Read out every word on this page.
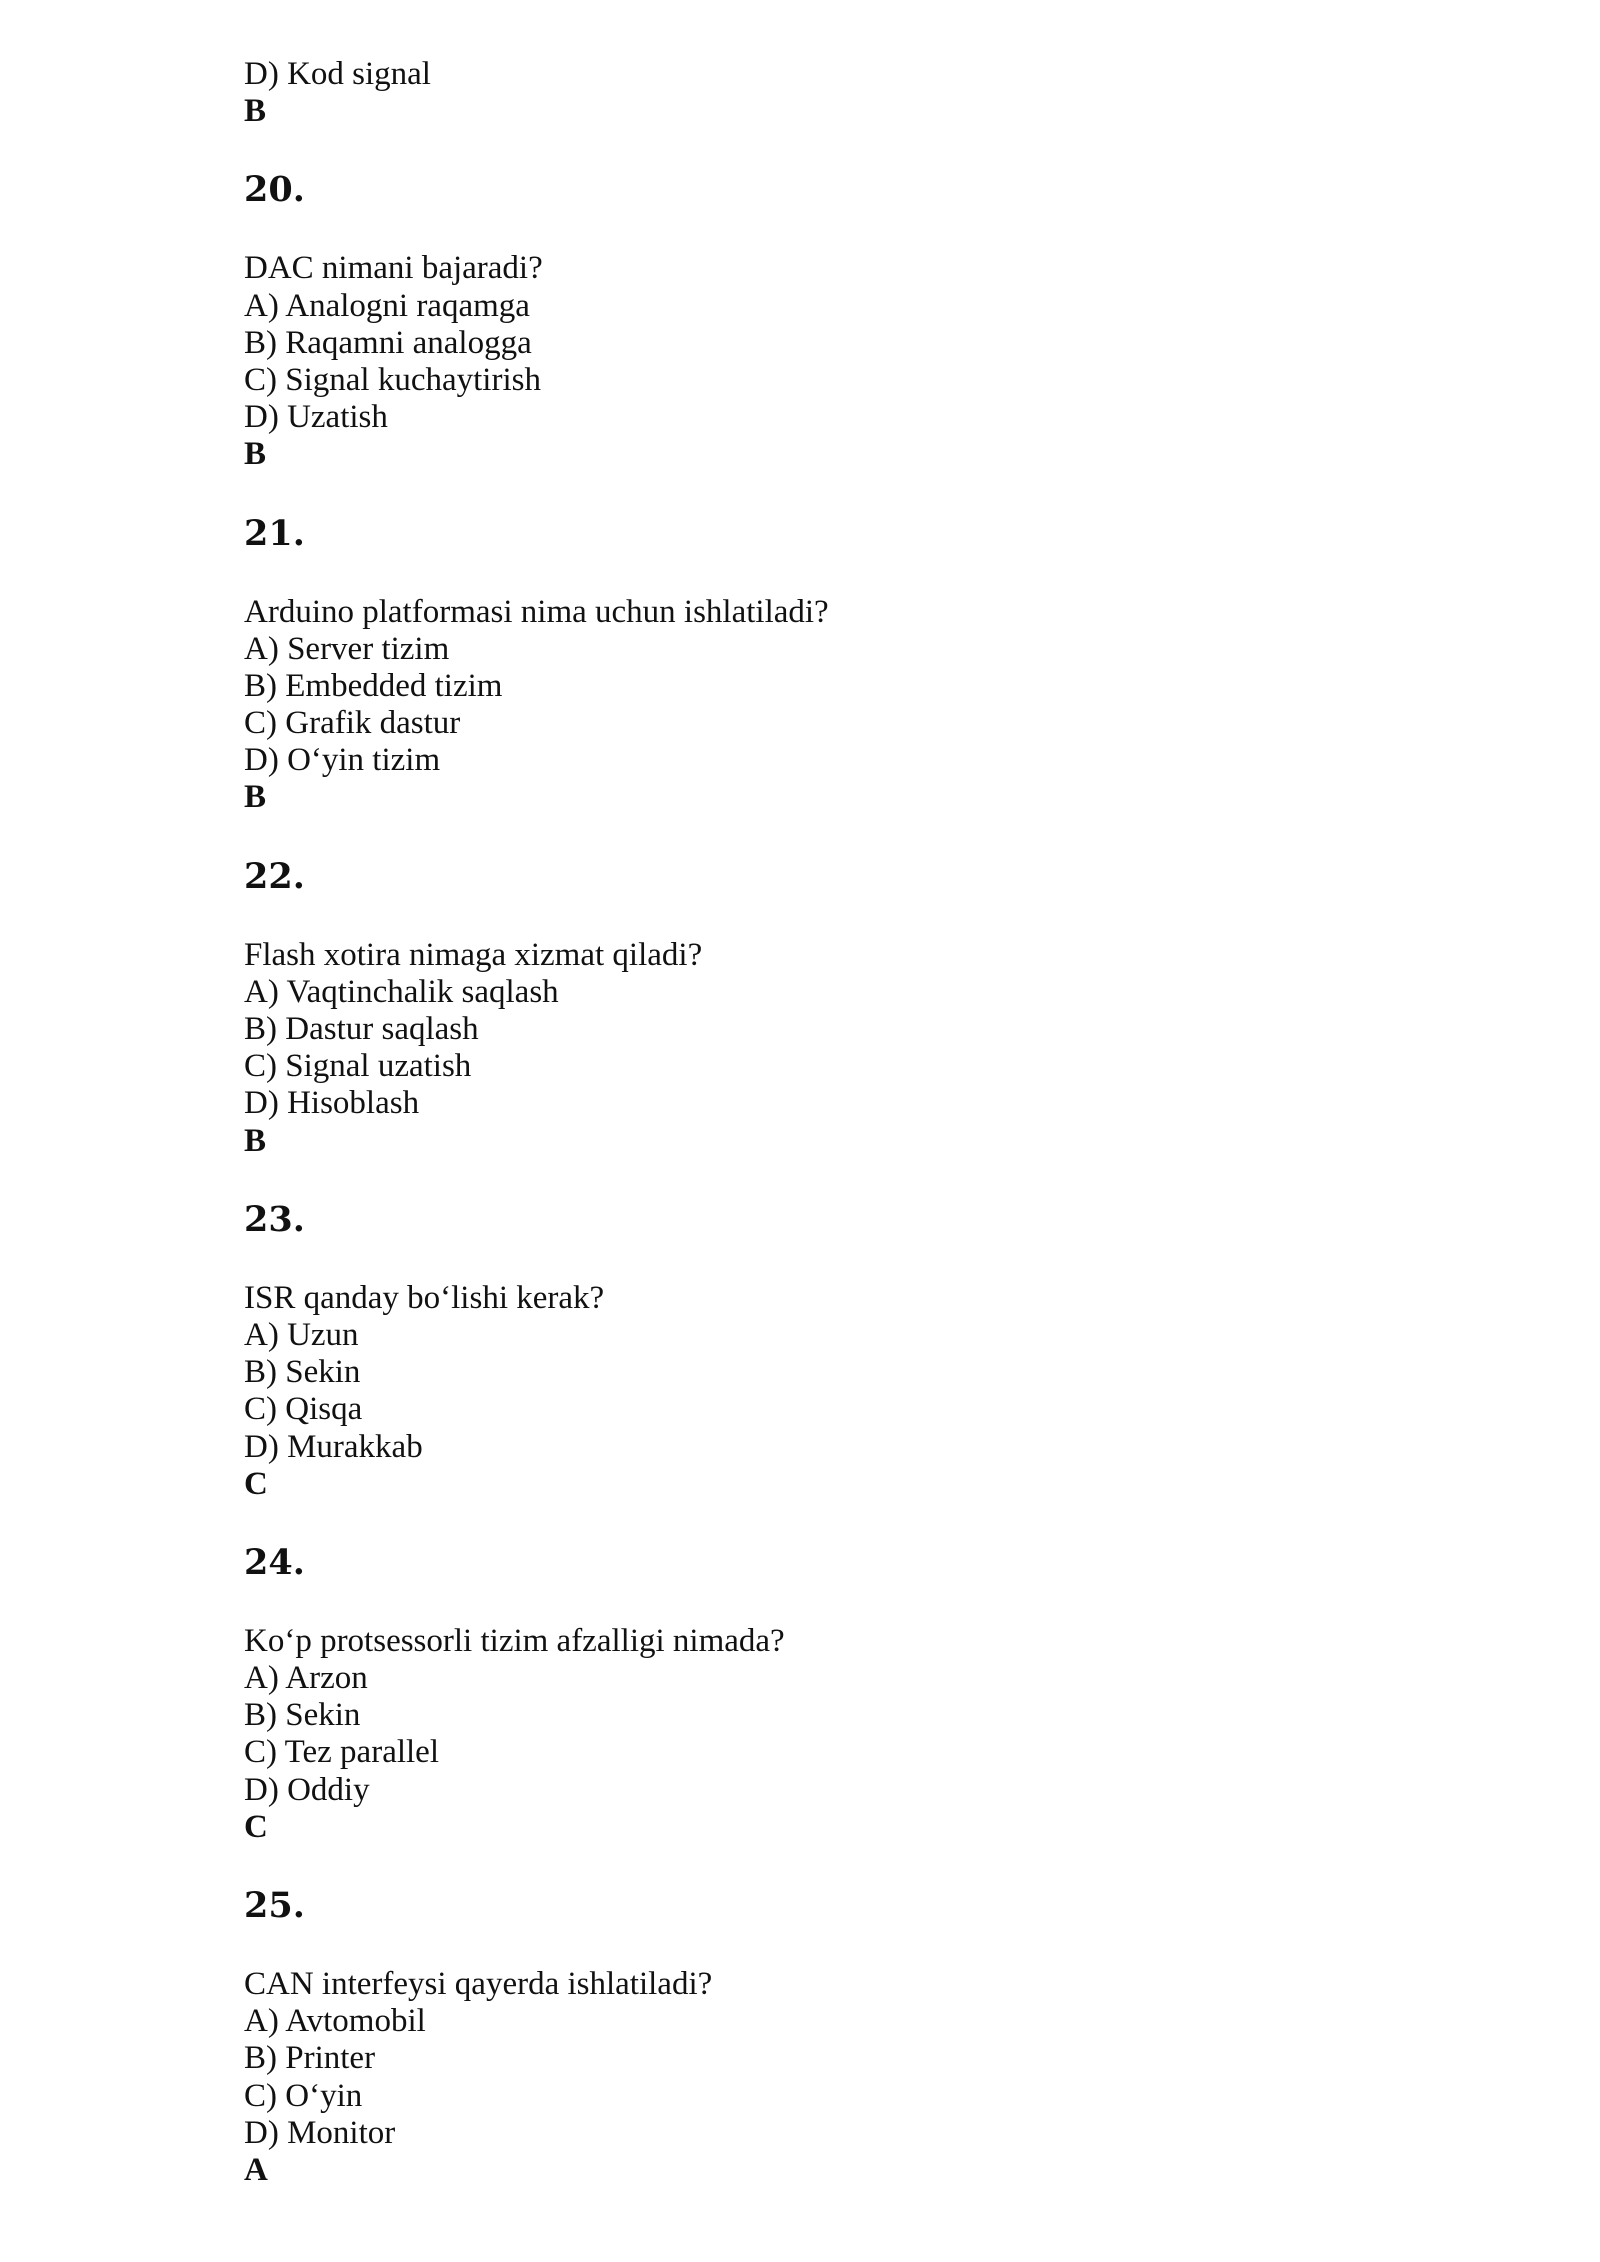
D) Kod signal
B
20.
DAC nimani bajaradi?
A) Analogni raqamga
B) Raqamni analogga
C) Signal kuchaytirish
D) Uzatish
B
21.
Arduino platformasi nima uchun ishlatiladi?
A) Server tizim
B) Embedded tizim
C) Grafik dastur
D) O‘yin tizim
B
22.
Flash xotira nimaga xizmat qiladi?
A) Vaqtinchalik saqlash
B) Dastur saqlash
C) Signal uzatish
D) Hisoblash
B
23.
ISR qanday bo‘lishi kerak?
A) Uzun
B) Sekin
C) Qisqa
D) Murakkab
C
24.
Ko‘p protsessorli tizim afzalligi nimada?
A) Arzon
B) Sekin
C) Tez parallel
D) Oddiy
C
25.
CAN interfeysi qayerda ishlatiladi?
A) Avtomobil
B) Printer
C) O‘yin
D) Monitor
A
